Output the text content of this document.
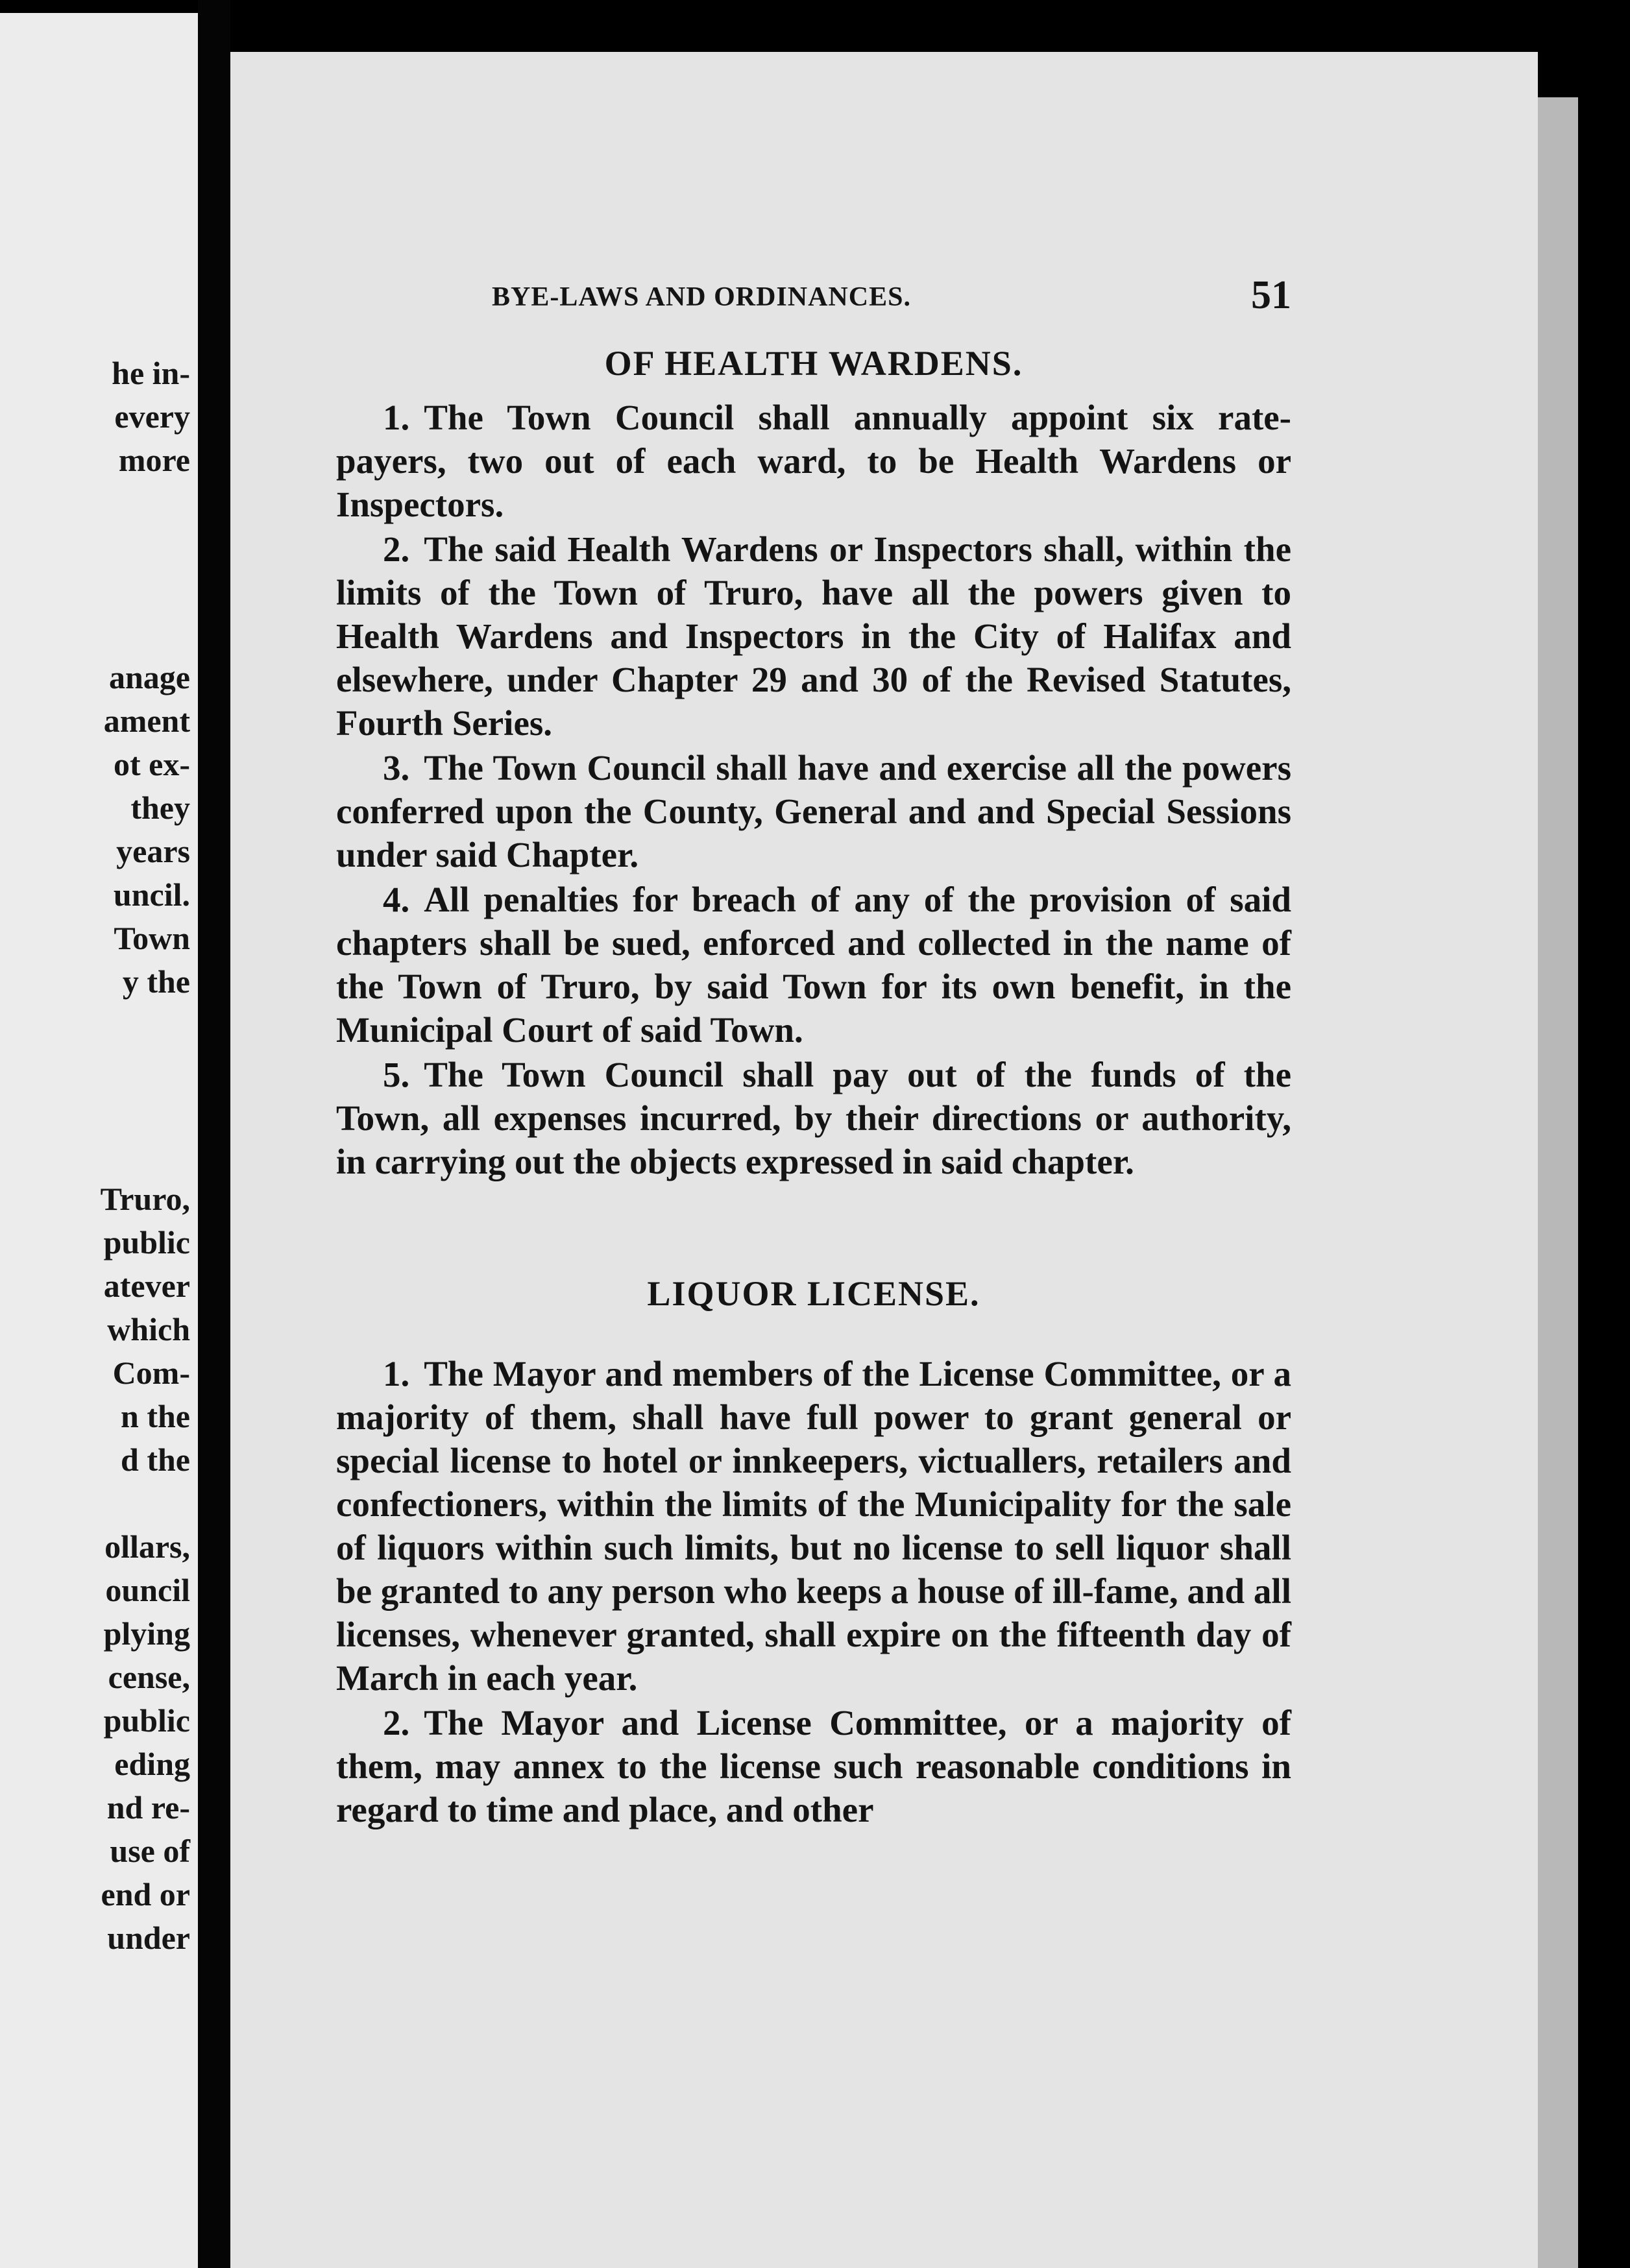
he in-
every
more
anage
ament
ot ex-
they
years
uncil.
Town
y the
Truro,
public
atever
which
Com-
n the
d the
ollars,
ouncil
plying
cense,
public
eding
nd re-
use of
end or
under
BYE-LAWS AND ORDINANCES.	51
OF HEALTH WARDENS.

1. The Town Council shall annually appoint six rate-payers, two out of each ward, to be Health Wardens or Inspectors.

2. The said Health Wardens or Inspectors shall, within the limits of the Town of Truro, have all the powers given to Health Wardens and Inspectors in the City of Halifax and elsewhere, under Chapter 29 and 30 of the Revised Statutes, Fourth Series.

3. The Town Council shall have and exercise all the powers conferred upon the County, General and and Special Sessions under said Chapter.

4. All penalties for breach of any of the provision of said chapters shall be sued, enforced and collected in the name of the Town of Truro, by said Town for its own benefit, in the Municipal Court of said Town.

5. The Town Council shall pay out of the funds of the Town, all expenses incurred, by their directions or authority, in carrying out the objects expressed in said chapter.

LIQUOR LICENSE.

1. The Mayor and members of the License Committee, or a majority of them, shall have full power to grant general or special license to hotel or innkeepers, victuallers, retailers and confectioners, within the limits of the Municipality for the sale of liquors within such limits, but no license to sell liquor shall be granted to any person who keeps a house of ill-fame, and all licenses, whenever granted, shall expire on the fifteenth day of March in each year.

2. The Mayor and License Committee, or a majority of them, may annex to the license such reasonable conditions in regard to time and place, and other
